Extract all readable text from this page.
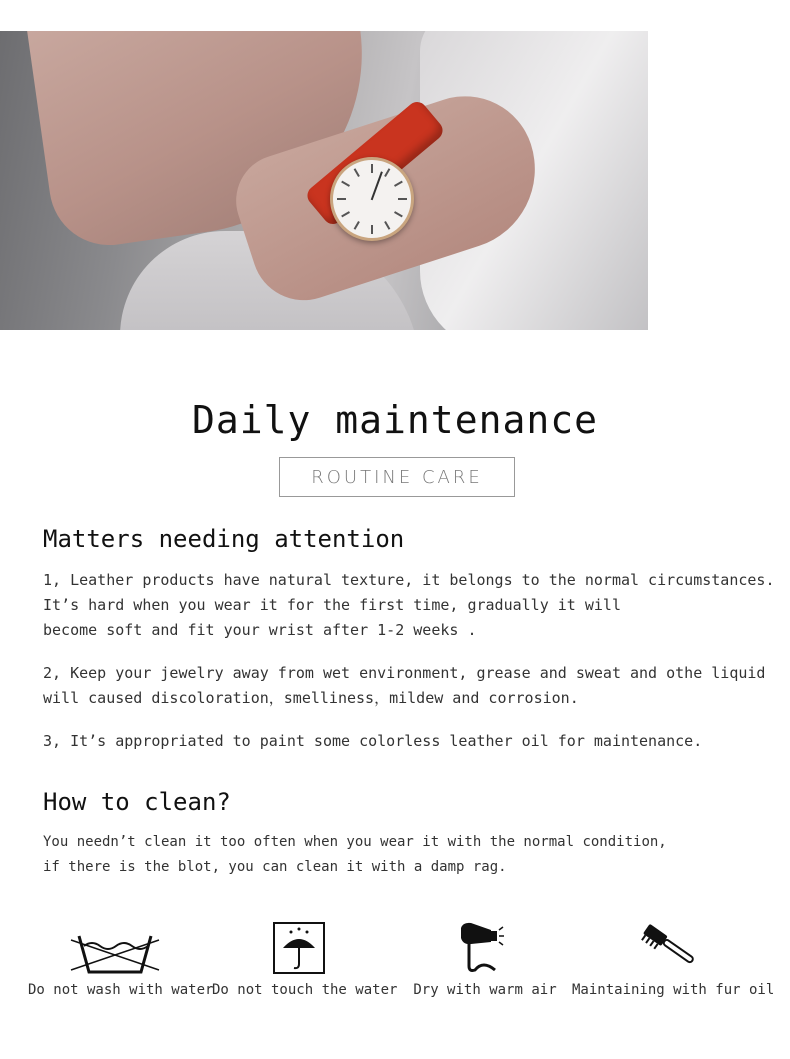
Daily maintenance
ROUTINE CARE
Matters needing attention
1, Leather products have natural texture, it belongs to the normal circumstances.
It’s hard when you wear it for the first time, gradually it will
become soft and fit your wrist after 1-2 weeks .
2, Keep your jewelry away from wet environment, grease and sweat and othe liquid
will caused discoloration，smelliness，mildew and corrosion.
3, It’s appropriated to paint some colorless leather oil for maintenance.
How to clean?
You needn’t clean it too often when you wear it with the normal condition,
if there is the blot, you can clean it with a damp rag.
Do not wash with water
Do not touch the water Dry with warm air Maintaining with fur oil
